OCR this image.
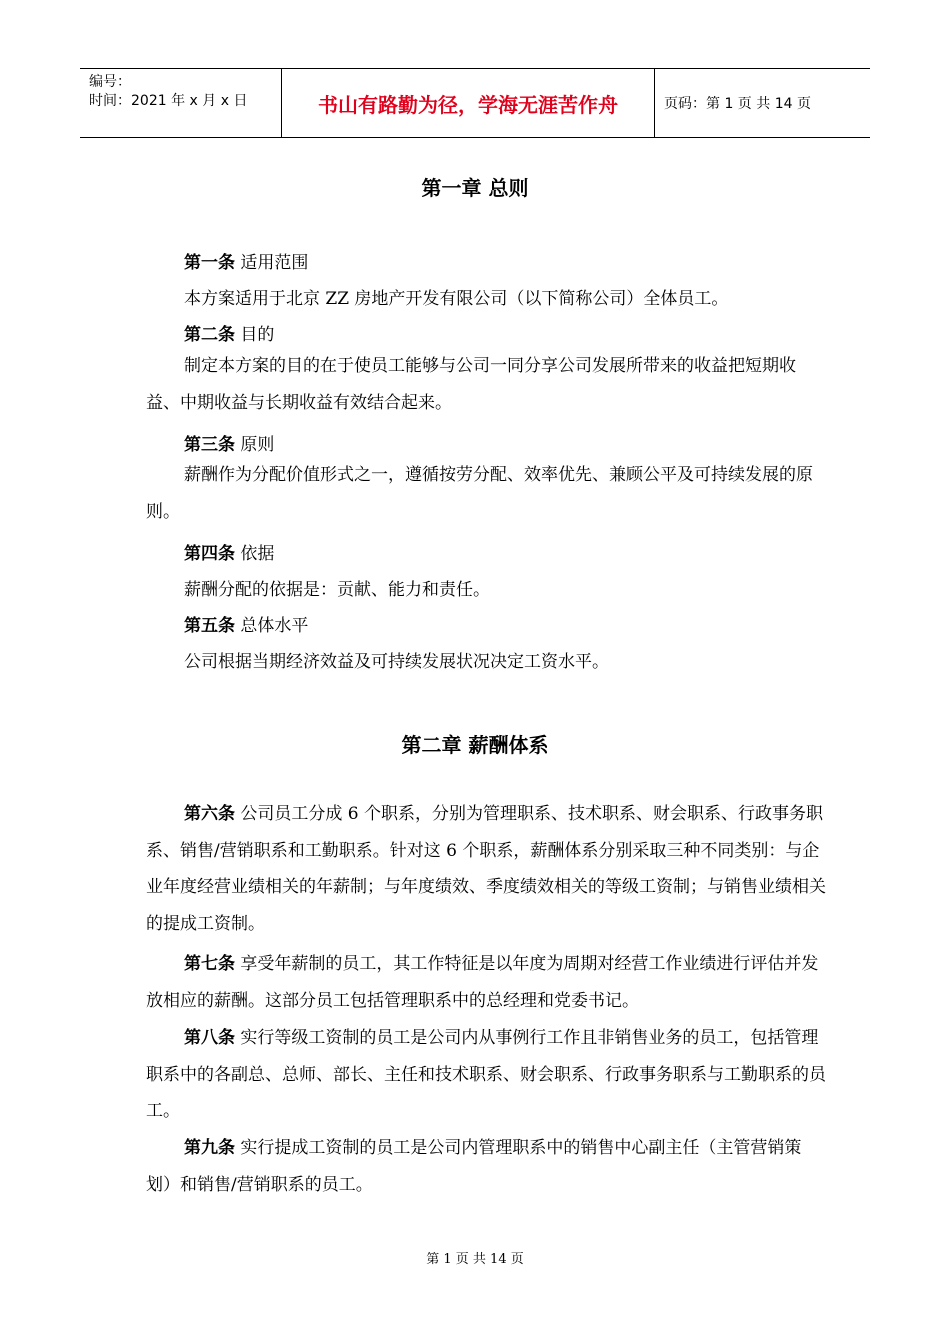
编号：
时间：2021 年 x 月 x 日	书山有路勤为径，学海无涯苦作舟	页码：第 1 页 共 14 页
第一章 总则

第一条 适用范围

本方案适用于北京 ZZ 房地产开发有限公司（以下简称公司）全体员工。

第二条 目的

制定本方案的目的在于使员工能够与公司一同分享公司发展所带来的收益把短期收益、中期收益与长期收益有效结合起来。

第三条 原则

薪酬作为分配价值形式之一，遵循按劳分配、效率优先、兼顾公平及可持续发展的原则。

第四条 依据

薪酬分配的依据是：贡献、能力和责任。

第五条 总体水平

公司根据当期经济效益及可持续发展状况决定工资水平。

第二章 薪酬体系

第六条 公司员工分成 6 个职系，分别为管理职系、技术职系、财会职系、行政事务职系、销售/营销职系和工勤职系。针对这 6 个职系，薪酬体系分别采取三种不同类别：与企业年度经营业绩相关的年薪制；与年度绩效、季度绩效相关的等级工资制；与销售业绩相关的提成工资制。

第七条 享受年薪制的员工，其工作特征是以年度为周期对经营工作业绩进行评估并发放相应的薪酬。这部分员工包括管理职系中的总经理和党委书记。

第八条 实行等级工资制的员工是公司内从事例行工作且非销售业务的员工，包括管理职系中的各副总、总师、部长、主任和技术职系、财会职系、行政事务职系与工勤职系的员工。

第九条 实行提成工资制的员工是公司内管理职系中的销售中心副主任（主管营销策划）和销售/营销职系的员工。

第 1 页 共 14 页
